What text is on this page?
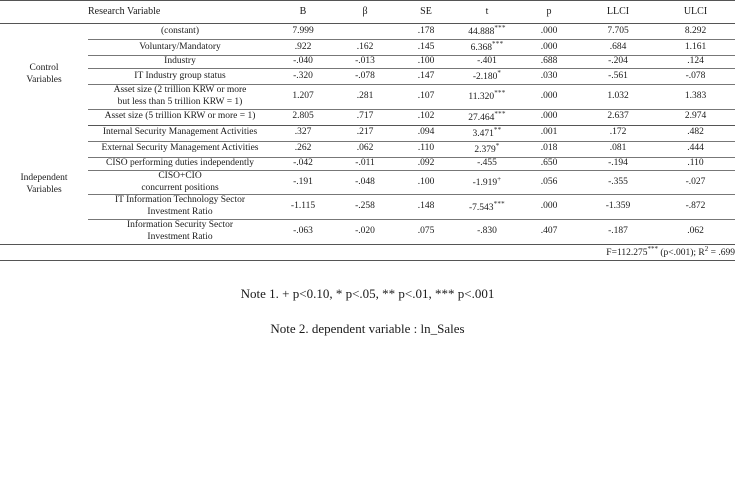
	Research Variable	B	β	SE	t	p	LLCI	ULCI

Control
Variables	(constant)	7.999		.178	44.888***	.000	7.705	8.292

	Voluntary/Mandatory	.922	.162	.145	6.368***	.000	.684	1.161

	Industry	-.040	-.013	.100	-.401	.688	-.204	.124

	IT Industry group status	-.320	-.078	.147	-2.180*	.030	-.561	-.078

	Asset size (2 trillion KRW or more
but less than 5 trillion KRW = 1)	1.207	.281	.107	11.320***	.000	1.032	1.383

	Asset size (5 trillion KRW or more = 1)	2.805	.717	.102	27.464***	.000	2.637	2.974

Independent
Variables	Internal Security Management Activities	.327	.217	.094	3.471**	.001	.172	.482

	External Security Management Activities	.262	.062	.110	2.379*	.018	.081	.444

	CISO performing duties independently	-.042	-.011	.092	-.455	.650	-.194	.110

	CISO+CIO
concurrent positions	-.191	-.048	.100	-1.919+	.056	-.355	-.027

	IT Information Technology Sector
Investment Ratio	-1.115	-.258	.148	-7.543***	.000	-1.359	-.872

	Information Security Sector
Investment Ratio	-.063	-.020	.075	-.830	.407	-.187	.062
F=112.275*** (p<.001); $R^2 = .699$								
Note 1. + p<0.10, * p<.05, ** p<.01, *** p<.001
Note 2. dependent variable : ln_Sales
